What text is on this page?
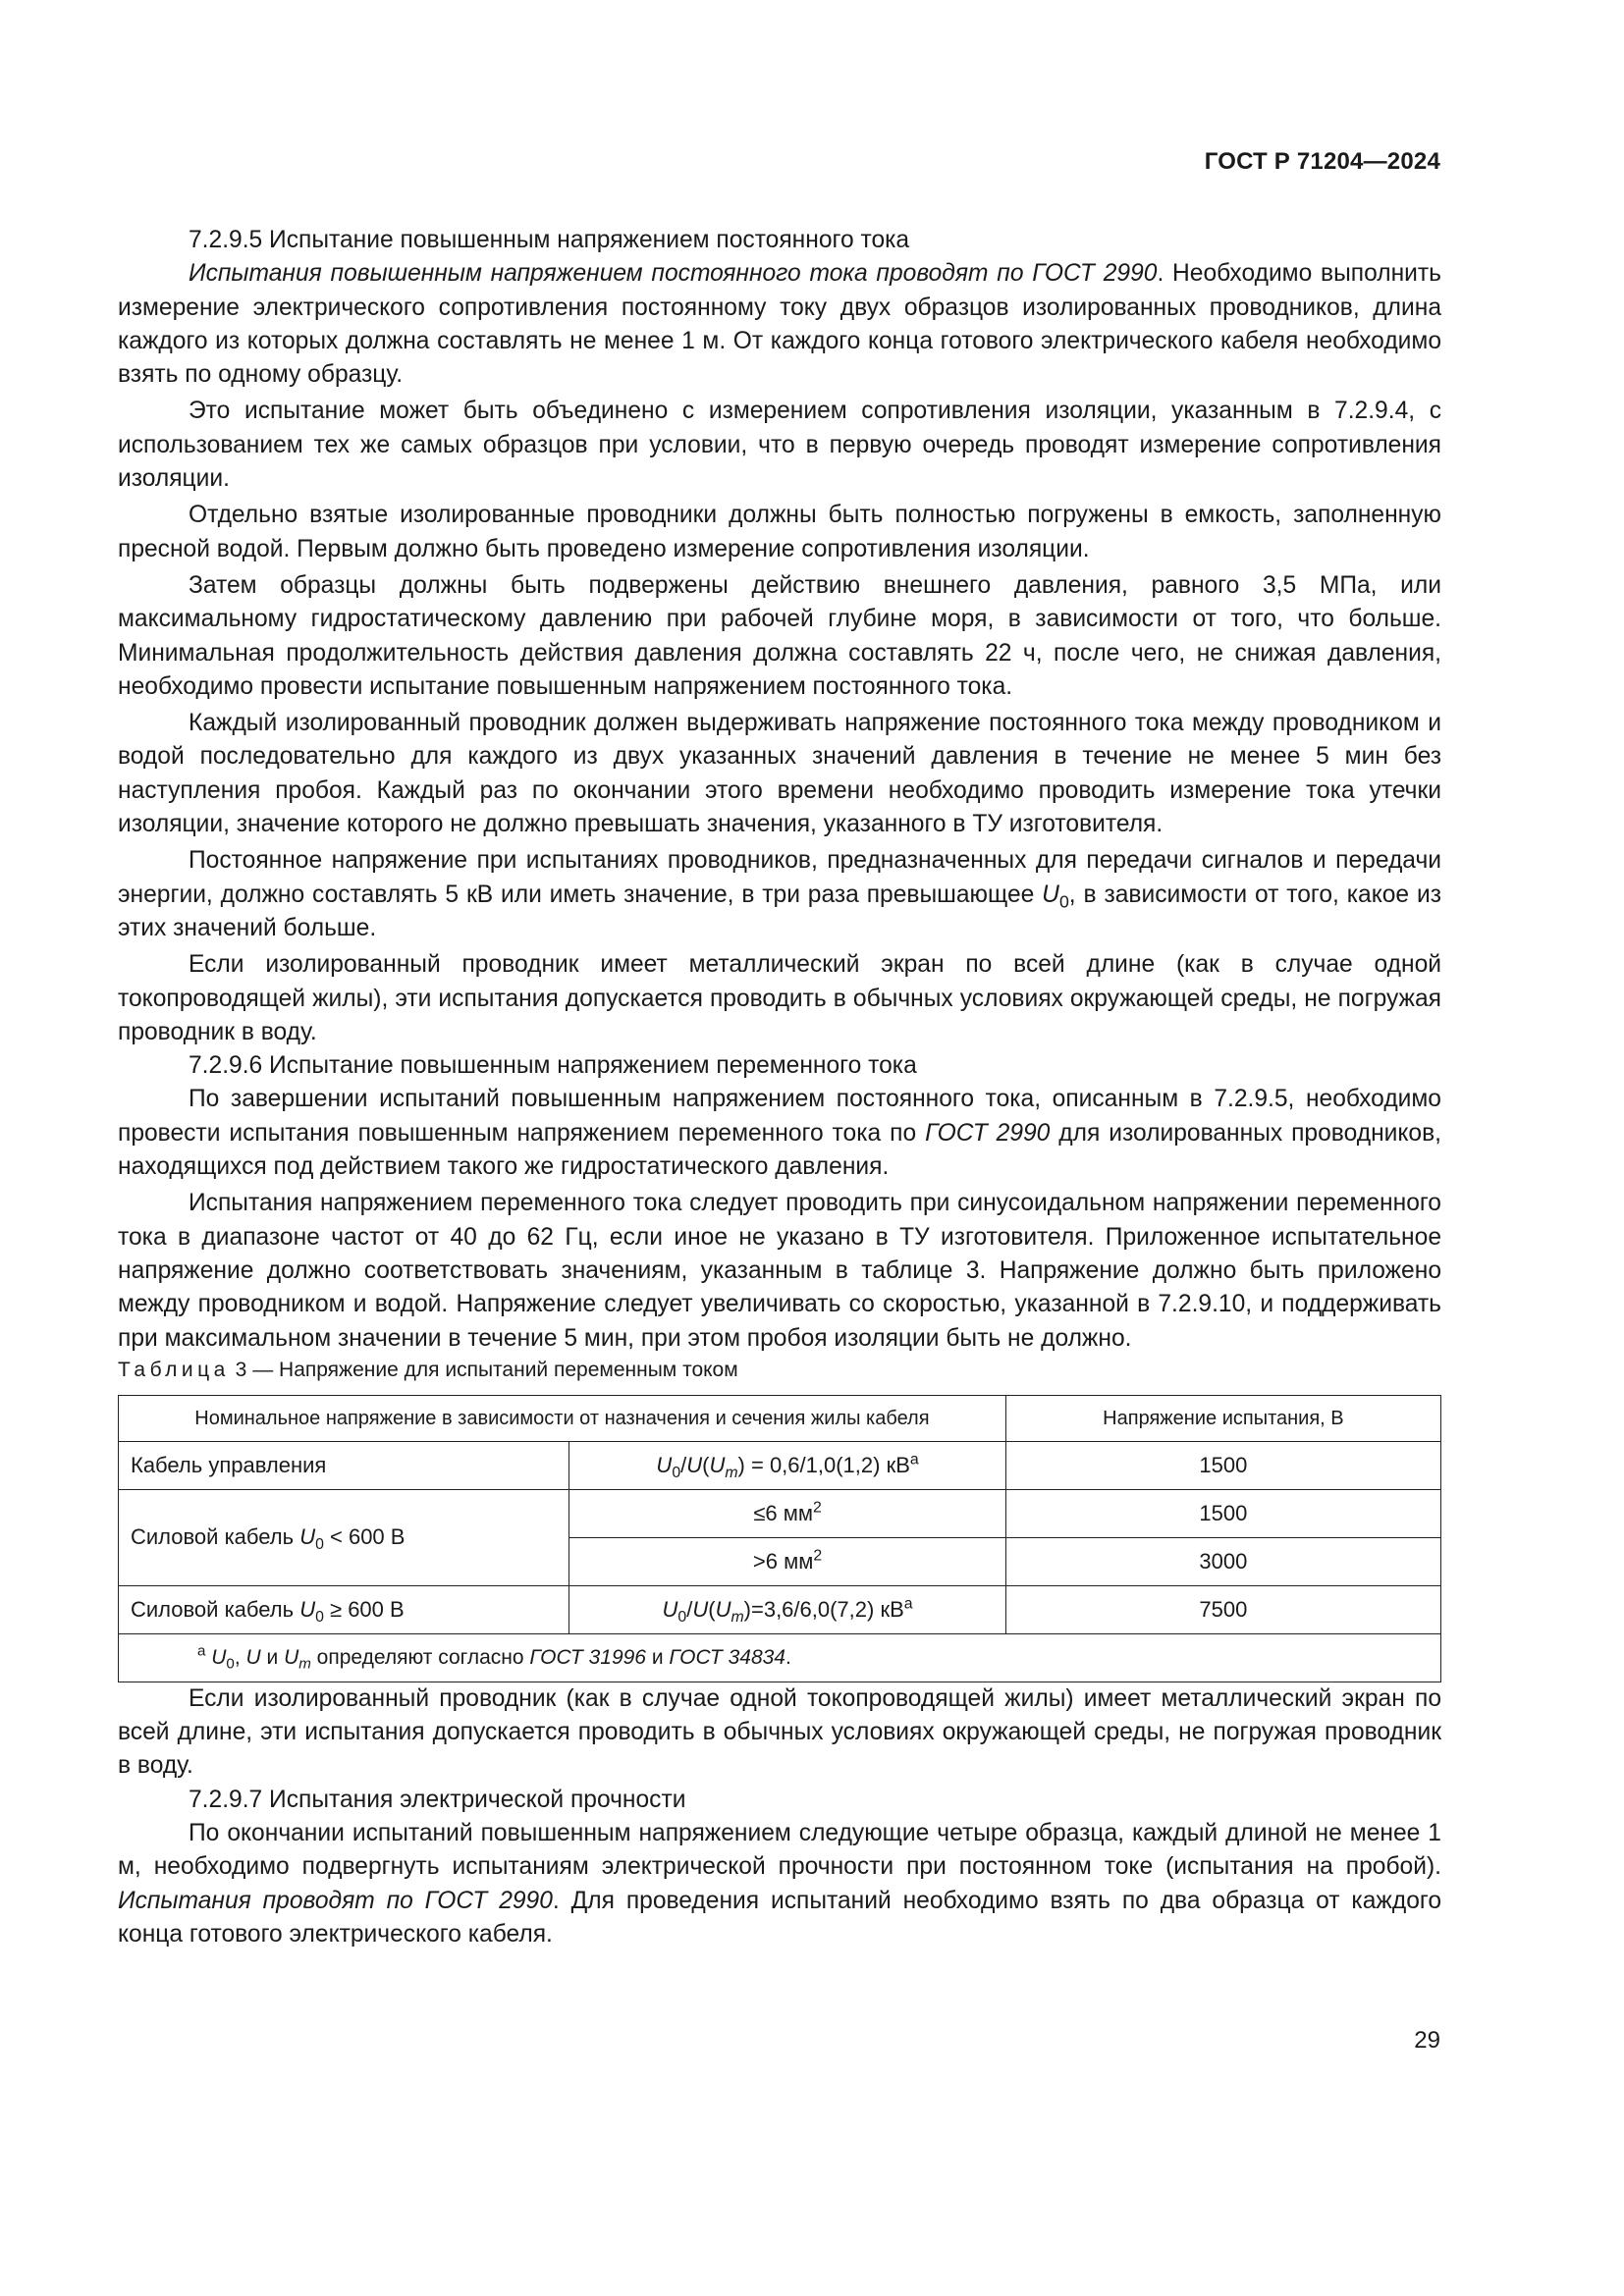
ГОСТ Р 71204—2024

7.2.9.5 Испытание повышенным напряжением постоянного тока

Испытания повышенным напряжением постоянного тока проводят по ГОСТ 2990. Необходимо выполнить измерение электрического сопротивления постоянному току двух образцов изолированных проводников, длина каждого из которых должна составлять не менее 1 м. От каждого конца готового электрического кабеля необходимо взять по одному образцу.

Это испытание может быть объединено с измерением сопротивления изоляции, указанным в 7.2.9.4, с использованием тех же самых образцов при условии, что в первую очередь проводят измерение сопротивления изоляции.

Отдельно взятые изолированные проводники должны быть полностью погружены в емкость, заполненную пресной водой. Первым должно быть проведено измерение сопротивления изоляции.

Затем образцы должны быть подвержены действию внешнего давления, равного 3,5 МПа, или максимальному гидростатическому давлению при рабочей глубине моря, в зависимости от того, что больше. Минимальная продолжительность действия давления должна составлять 22 ч, после чего, не снижая давления, необходимо провести испытание повышенным напряжением постоянного тока.

Каждый изолированный проводник должен выдерживать напряжение постоянного тока между проводником и водой последовательно для каждого из двух указанных значений давления в течение не менее 5 мин без наступления пробоя. Каждый раз по окончании этого времени необходимо проводить измерение тока утечки изоляции, значение которого не должно превышать значения, указанного в ТУ изготовителя.

Постоянное напряжение при испытаниях проводников, предназначенных для передачи сигналов и передачи энергии, должно составлять 5 кВ или иметь значение, в три раза превышающее $U_0$, в зависимости от того, какое из этих значений больше.

Если изолированный проводник имеет металлический экран по всей длине (как в случае одной токопроводящей жилы), эти испытания допускается проводить в обычных условиях окружающей среды, не погружая проводник в воду.

7.2.9.6 Испытание повышенным напряжением переменного тока

По завершении испытаний повышенным напряжением постоянного тока, описанным в 7.2.9.5, необходимо провести испытания повышенным напряжением переменного тока по ГОСТ 2990 для изолированных проводников, находящихся под действием такого же гидростатического давления.

Испытания напряжением переменного тока следует проводить при синусоидальном напряжении переменного тока в диапазоне частот от 40 до 62 Гц, если иное не указано в ТУ изготовителя. Приложенное испытательное напряжение должно соответствовать значениям, указанным в таблице 3. Напряжение должно быть приложено между проводником и водой. Напряжение следует увеличивать со скоростью, указанной в 7.2.9.10, и поддерживать при максимальном значении в течение 5 мин, при этом пробоя изоляции быть не должно.

Таблица 3 — Напряжение для испытаний переменным током

Номинальное напряжение в зависимости от назначения и сечения жилы кабеля		Напряжение испытания, В
Кабель управления	$U_0/U(U_m) = 0,6/1,0(1,2)$ $кВ^a$	1500
Силовой кабель $U_0 < 600$ В	≤6 $мм^2$	1500
	>6 $мм^2$	3000
Силовой кабель $U_0 \ge 600$ В	$U_0/U(U_m)=3,6/6,0(7,2)$ $кВ^a$	7500
$^a$ $U_0$, U и $U_m$ определяют согласно ГОСТ 31996 и ГОСТ 34834.		

Если изолированный проводник (как в случае одной токопроводящей жилы) имеет металлический экран по всей длине, эти испытания допускается проводить в обычных условиях окружающей среды, не погружая проводник в воду.

7.2.9.7 Испытания электрической прочности

По окончании испытаний повышенным напряжением следующие четыре образца, каждый длиной не менее 1 м, необходимо подвергнуть испытаниям электрической прочности при постоянном токе (испытания на пробой). Испытания проводят по ГОСТ 2990. Для проведения испытаний необходимо взять по два образца от каждого конца готового электрического кабеля.

29
